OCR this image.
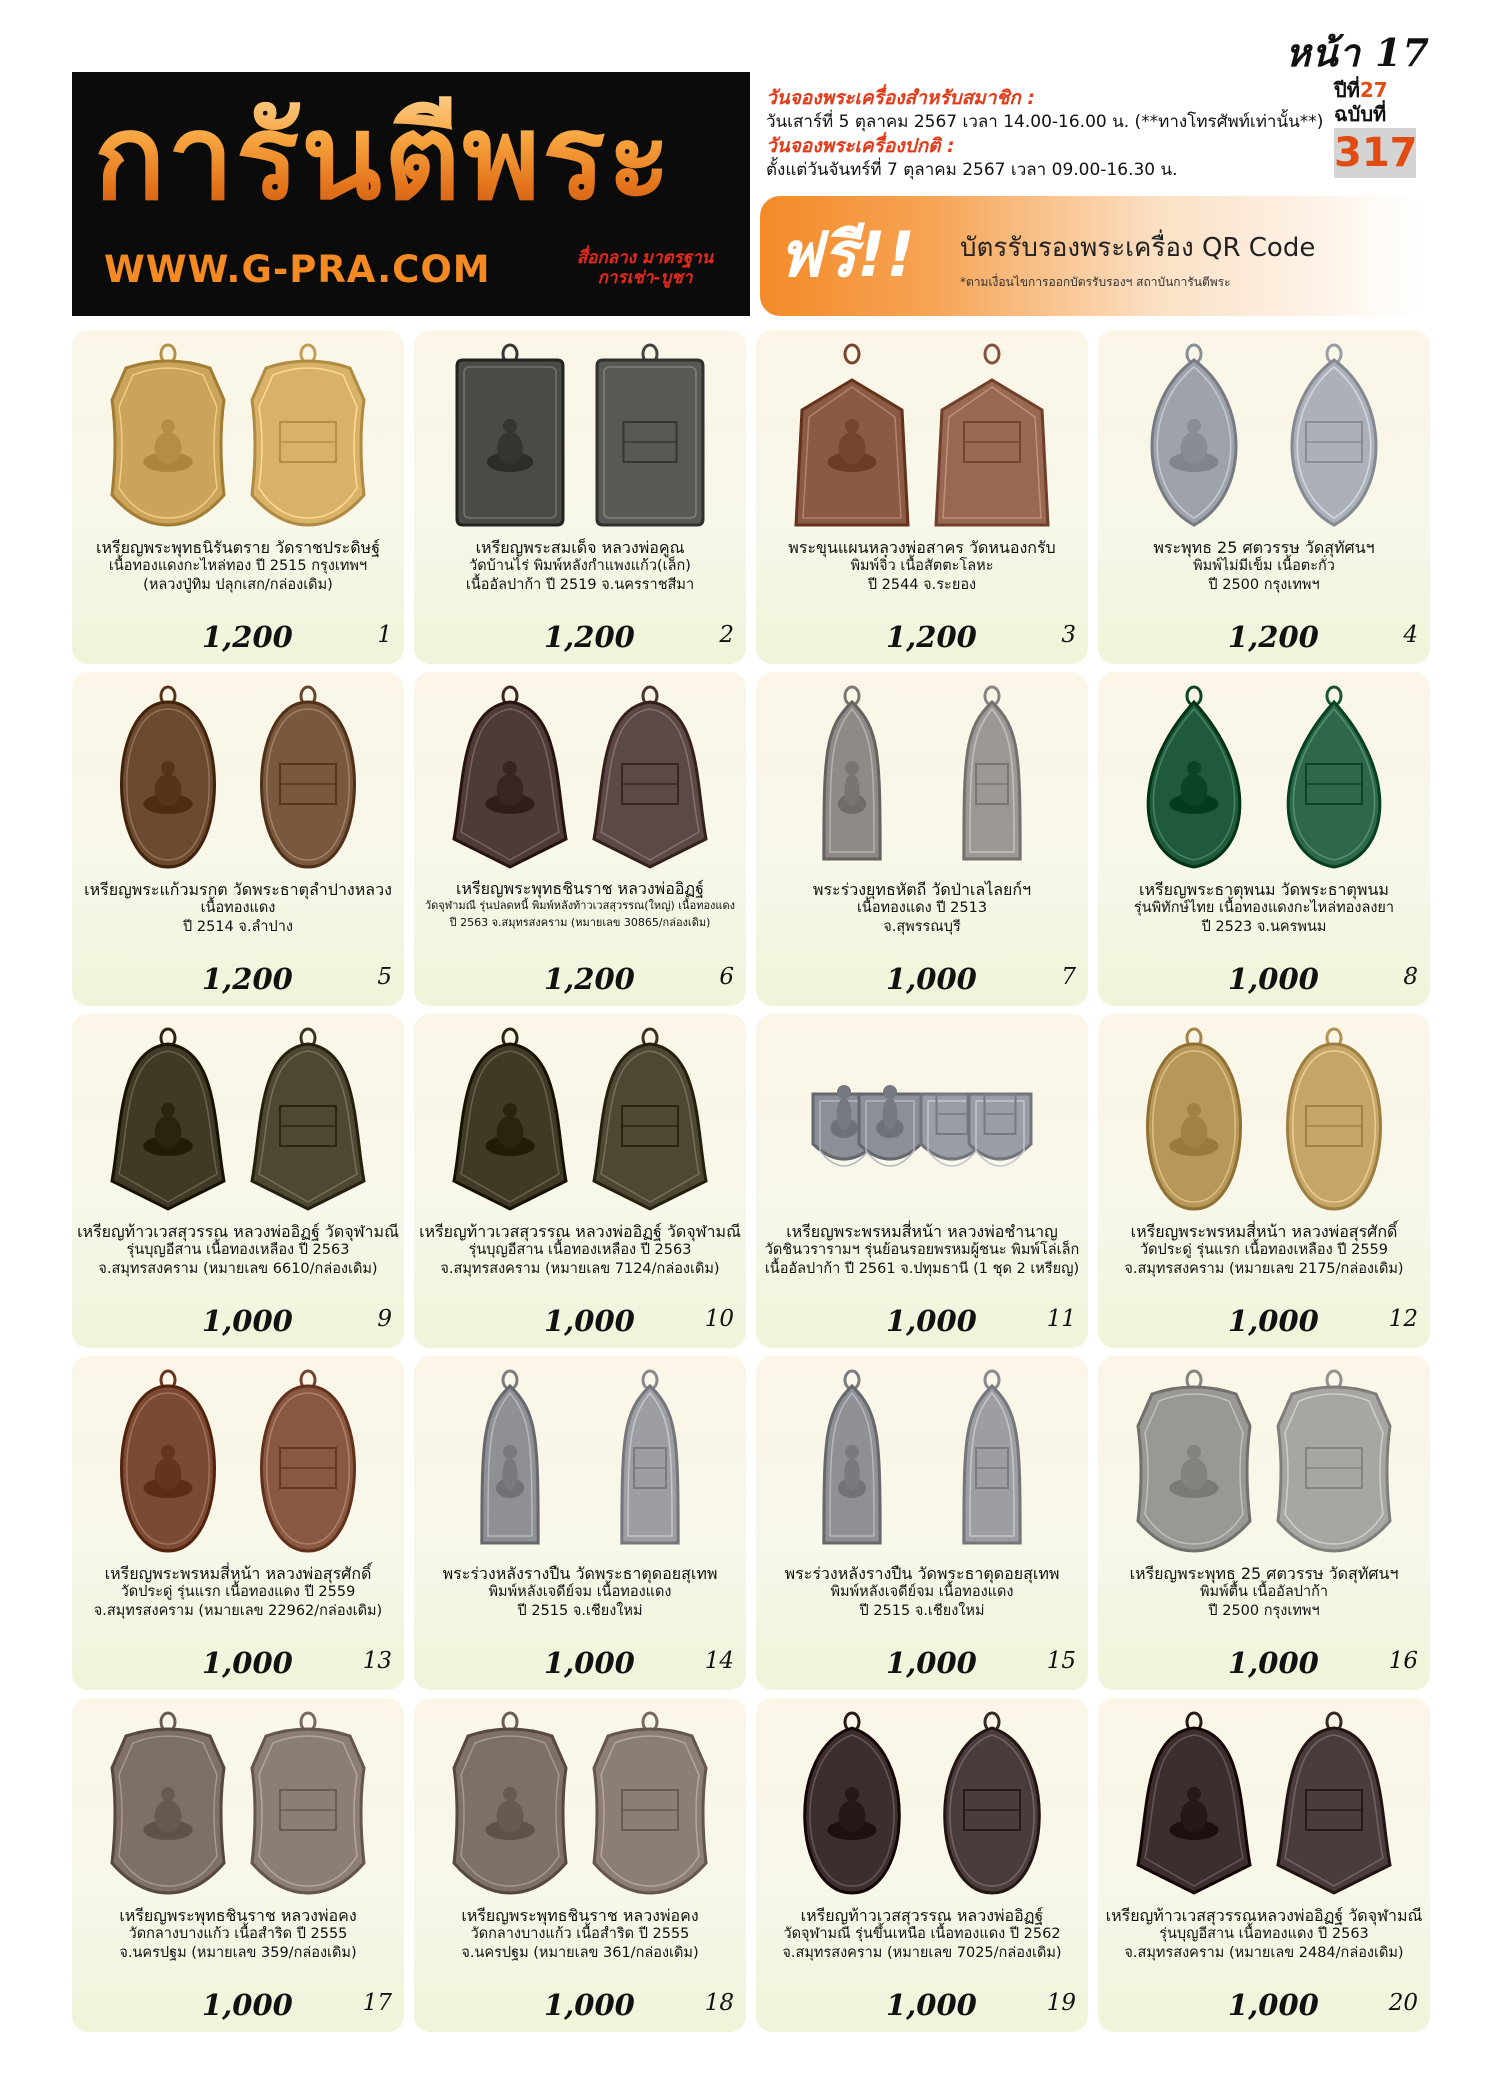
หน้า 17
การันตีพระ
WWW.G-PRA.COM	สื่อกลาง มาตรฐาน
การเช่า-บูชา
วันจองพระเครื่องสำหรับสมาชิก :
วันเสาร์ที่ 5 ตุลาคม 2567 เวลา 14.00-16.00 น. (**ทางโทรศัพท์เท่านั้น**)
วันจองพระเครื่องปกติ :
ตั้งแต่วันจันทร์ที่ 7 ตุลาคม 2567 เวลา 09.00-16.30 น.
ปีที่27
ฉบับที่
317
ฟรี!! บัตรรับรองพระเครื่อง QR Code
*ตามเงื่อนไขการออกบัตรรับรองฯ สถาบันการันตีพระ
เหรียญพระพุทธนิรันตราย วัดราชประดิษฐ์
เนื้อทองแดงกะไหล่ทอง ปี 2515 กรุงเทพฯ
(หลวงปู่ทิม ปลุกเสก/กล่องเดิม)
1,200	1
เหรียญพระสมเด็จ หลวงพ่อคูณ
วัดบ้านไร่ พิมพ์หลังกำแพงแก้ว(เล็ก)
เนื้ออัลปาก้า ปี 2519 จ.นครราชสีมา
1,200	2
พระขุนแผนหลวงพ่อสาคร วัดหนองกรับ
พิมพ์จิ๋ว เนื้อสัตตะโลหะ
ปี 2544 จ.ระยอง
1,200	3
พระพุทธ 25 ศตวรรษ วัดสุทัศนฯ
พิมพ์ไม่มีเข็ม เนื้อตะกั่ว
ปี 2500 กรุงเทพฯ
1,200	4
เหรียญพระแก้วมรกต วัดพระธาตุลำปางหลวง
เนื้อทองแดง
ปี 2514 จ.ลำปาง
1,200	5
เหรียญพระพุทธชินราช หลวงพ่ออิฏฐ์
วัดจุฬามณี รุ่นปลดหนี้ พิมพ์หลังท้าวเวสสุวรรณ(ใหญ่) เนื้อทองแดง
ปี 2563 จ.สมุทรสงคราม (หมายเลข 30865/กล่องเดิม)
1,200	6
พระร่วงยุทธหัตถี วัดป่าเลไลยก์ฯ
เนื้อทองแดง ปี 2513
จ.สุพรรณบุรี
1,000	7
เหรียญพระธาตุพนม วัดพระธาตุพนม
รุ่นพิทักษ์ไทย เนื้อทองแดงกะไหล่ทองลงยา
ปี 2523 จ.นครพนม
1,000	8
เหรียญท้าวเวสสุวรรณ หลวงพ่ออิฏฐ์ วัดจุฬามณี
รุ่นบุญอีสาน เนื้อทองเหลือง ปี 2563
จ.สมุทรสงคราม (หมายเลข 6610/กล่องเดิม)
1,000	9
เหรียญท้าวเวสสุวรรณ หลวงพ่ออิฏฐ์ วัดจุฬามณี
รุ่นบุญอีสาน เนื้อทองเหลือง ปี 2563
จ.สมุทรสงคราม (หมายเลข 7124/กล่องเดิม)
1,000	10
เหรียญพระพรหมสี่หน้า หลวงพ่อชำนาญ
วัดชินวรารามฯ รุ่นย้อนรอยพรหมผู้ชนะ พิมพ์โล่เล็ก
เนื้ออัลปาก้า ปี 2561 จ.ปทุมธานี (1 ชุด 2 เหรียญ)
1,000	11
เหรียญพระพรหมสี่หน้า หลวงพ่อสุรศักดิ์
วัดประดู่ รุ่นแรก เนื้อทองเหลือง ปี 2559
จ.สมุทรสงคราม (หมายเลข 2175/กล่องเดิม)
1,000	12
เหรียญพระพรหมสี่หน้า หลวงพ่อสุรศักดิ์
วัดประดู่ รุ่นแรก เนื้อทองแดง ปี 2559
จ.สมุทรสงคราม (หมายเลข 22962/กล่องเดิม)
1,000	13
พระร่วงหลังรางปืน วัดพระธาตุดอยสุเทพ
พิมพ์หลังเจดีย์จม เนื้อทองแดง
ปี 2515 จ.เชียงใหม่
1,000	14
พระร่วงหลังรางปืน วัดพระธาตุดอยสุเทพ
พิมพ์หลังเจดีย์จม เนื้อทองแดง
ปี 2515 จ.เชียงใหม่
1,000	15
เหรียญพระพุทธ 25 ศตวรรษ วัดสุทัศนฯ
พิมพ์ตื้น เนื้ออัลปาก้า
ปี 2500 กรุงเทพฯ
1,000	16
เหรียญพระพุทธชินราช หลวงพ่อคง
วัดกลางบางแก้ว เนื้อสำริด ปี 2555
จ.นครปฐม (หมายเลข 359/กล่องเดิม)
1,000	17
เหรียญพระพุทธชินราช หลวงพ่อคง
วัดกลางบางแก้ว เนื้อสำริด ปี 2555
จ.นครปฐม (หมายเลข 361/กล่องเดิม)
1,000	18
เหรียญท้าวเวสสุวรรณ หลวงพ่ออิฏฐ์
วัดจุฬามณี รุ่นขึ้นเหนือ เนื้อทองแดง ปี 2562
จ.สมุทรสงคราม (หมายเลข 7025/กล่องเดิม)
1,000	19
เหรียญท้าวเวสสุวรรณหลวงพ่ออิฏฐ์ วัดจุฬามณี
รุ่นบุญอีสาน เนื้อทองแดง ปี 2563
จ.สมุทรสงคราม (หมายเลข 2484/กล่องเดิม)
1,000	20
